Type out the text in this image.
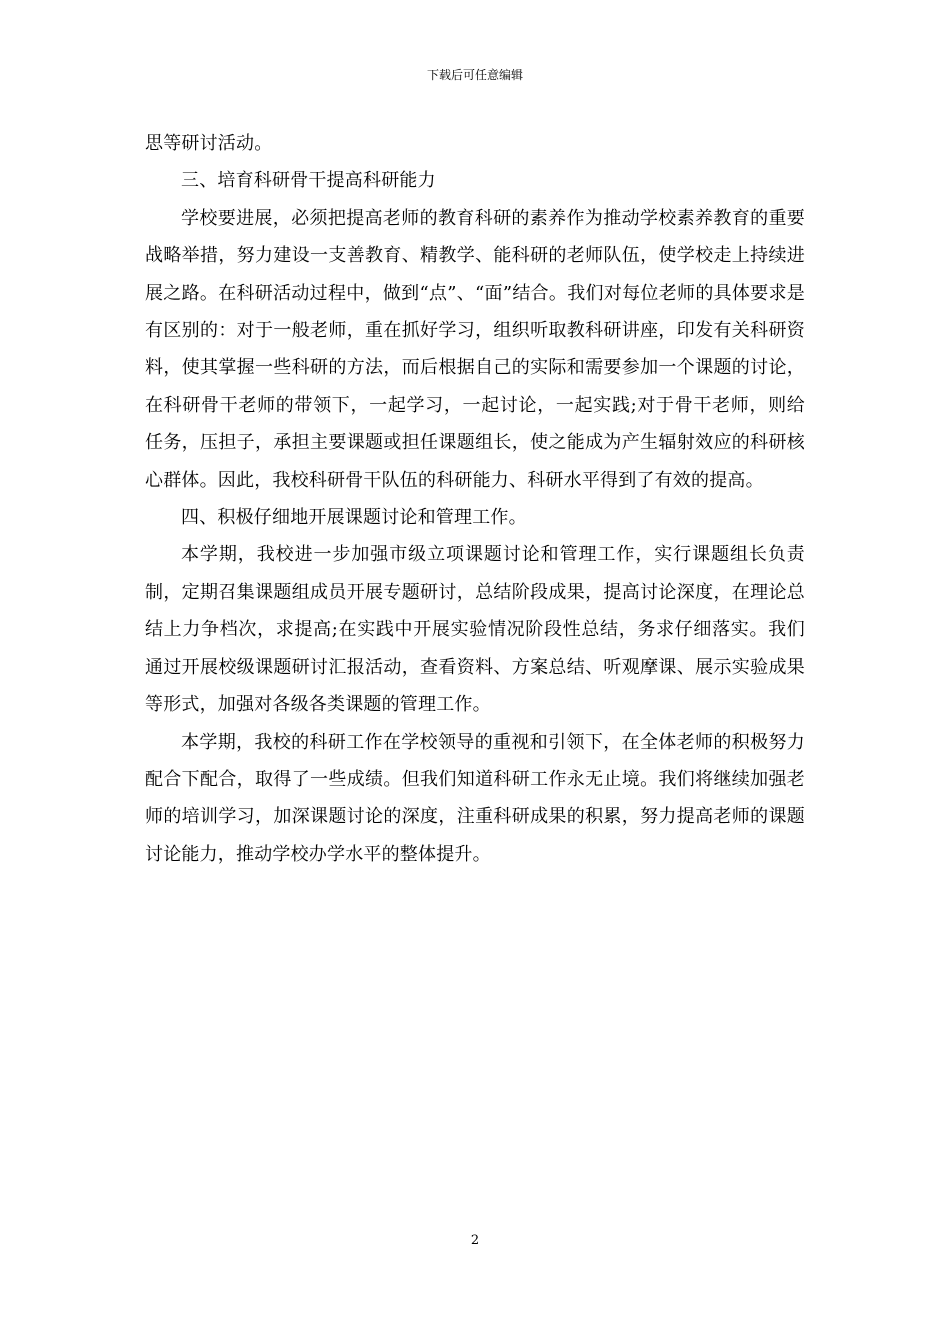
下载后可任意编辑

思等研讨活动。

三、培育科研骨干提高科研能力

学校要进展，必须把提高老师的教育科研的素养作为推动学校素养教育的重要战略举措，努力建设一支善教育、精教学、能科研的老师队伍，使学校走上持续进展之路。在科研活动过程中，做到“点”、“面”结合。我们对每位老师的具体要求是有区别的：对于一般老师，重在抓好学习，组织听取教科研讲座，印发有关科研资料，使其掌握一些科研的方法，而后根据自己的实际和需要参加一个课题的讨论，在科研骨干老师的带领下，一起学习，一起讨论，一起实践;对于骨干老师，则给任务，压担子，承担主要课题或担任课题组长，使之能成为产生辐射效应的科研核心群体。因此，我校科研骨干队伍的科研能力、科研水平得到了有效的提高。

四、积极仔细地开展课题讨论和管理工作。

本学期，我校进一步加强市级立项课题讨论和管理工作，实行课题组长负责制，定期召集课题组成员开展专题研讨，总结阶段成果，提高讨论深度，在理论总结上力争档次，求提高;在实践中开展实验情况阶段性总结，务求仔细落实。我们通过开展校级课题研讨汇报活动，查看资料、方案总结、听观摩课、展示实验成果等形式，加强对各级各类课题的管理工作。

本学期，我校的科研工作在学校领导的重视和引领下，在全体老师的积极努力配合下配合，取得了一些成绩。但我们知道科研工作永无止境。我们将继续加强老师的培训学习，加深课题讨论的深度，注重科研成果的积累，努力提高老师的课题讨论能力，推动学校办学水平的整体提升。

2
